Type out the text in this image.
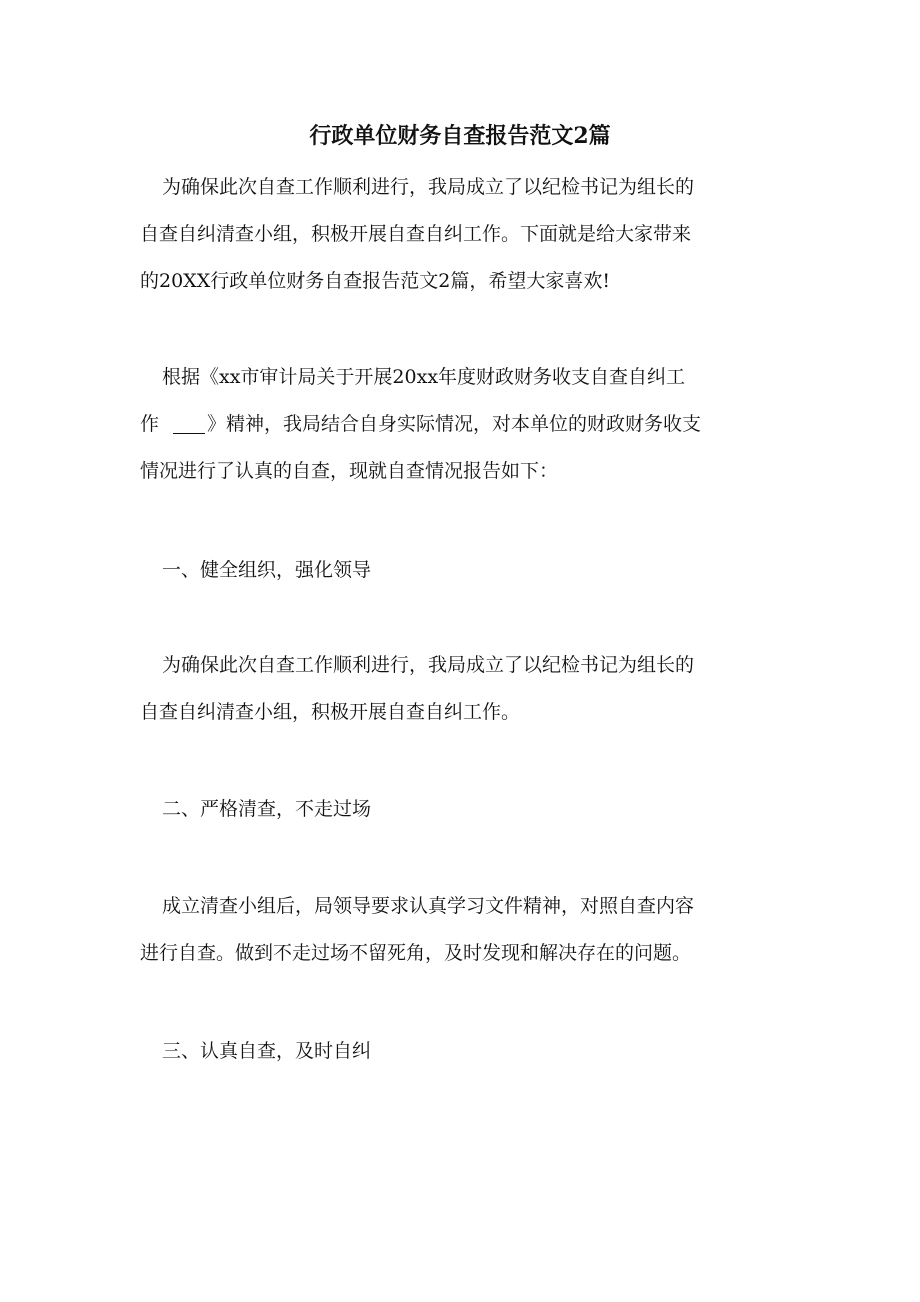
行政单位财务自查报告范文2篇

为确保此次自查工作顺利进行，我局成立了以纪检书记为组长的
自查自纠清查小组，积极开展自查自纠工作。下面就是给大家带来
的20XX行政单位财务自查报告范文2篇，希望大家喜欢!

根据《xx市审计局关于开展20xx年度财政财务收支自查自纠工
作	》精神，我局结合自身实际情况，对本单位的财政财务收支
情况进行了认真的自查，现就自查情况报告如下：

一、健全组织，强化领导

为确保此次自查工作顺利进行，我局成立了以纪检书记为组长的
自查自纠清查小组，积极开展自查自纠工作。

二、严格清查，不走过场

成立清查小组后，局领导要求认真学习文件精神，对照自查内容
进行自查。做到不走过场不留死角，及时发现和解决存在的问题。

三、认真自查，及时自纠
